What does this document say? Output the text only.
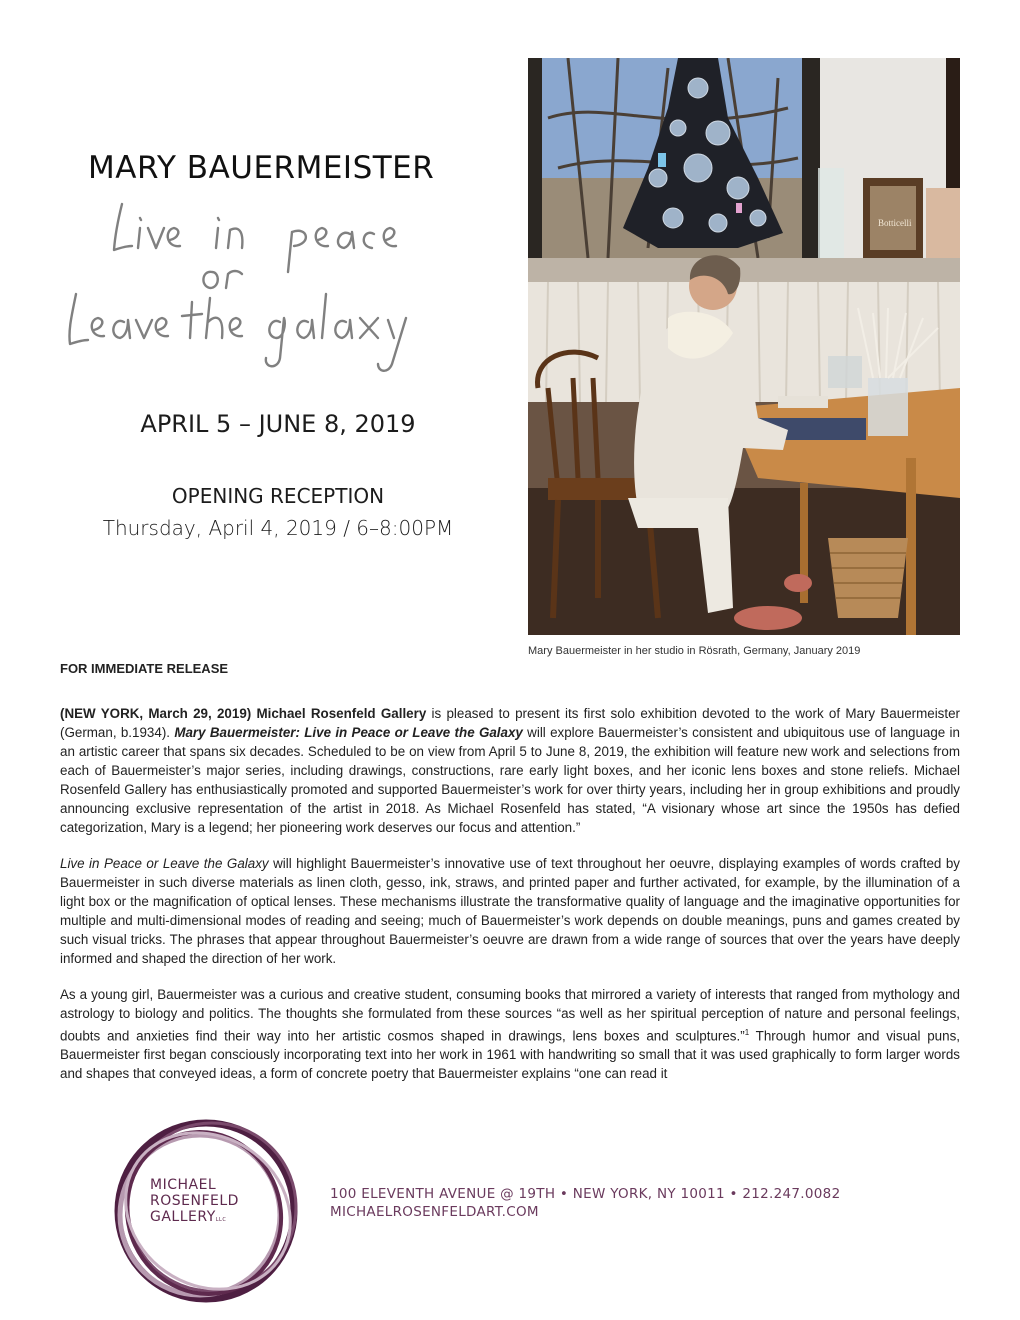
MARY BAUERMEISTER
APRIL 5 – JUNE 8, 2019
OPENING RECEPTION
Thursday, April 4, 2019 / 6–8:00PM
Botticelli
Mary Bauermeister in her studio in Rösrath, Germany, January 2019
FOR IMMEDIATE RELEASE

(NEW YORK, March 29, 2019) Michael Rosenfeld Gallery is pleased to present its first solo exhibition devoted to the work of Mary Bauermeister (German, b.1934). Mary Bauermeister: Live in Peace or Leave the Galaxy will explore Bauermeister’s consistent and ubiquitous use of language in an artistic career that spans six decades. Scheduled to be on view from April 5 to June 8, 2019, the exhibition will feature new work and selections from each of Bauermeister’s major series, including drawings, constructions, rare early light boxes, and her iconic lens boxes and stone reliefs. Michael Rosenfeld Gallery has enthusiastically promoted and supported Bauermeister’s work for over thirty years, including her in group exhibitions and proudly announcing exclusive representation of the artist in 2018. As Michael Rosenfeld has stated, “A visionary whose art since the 1950s has defied categorization, Mary is a legend; her pioneering work deserves our focus and attention.”

Live in Peace or Leave the Galaxy will highlight Bauermeister’s innovative use of text throughout her oeuvre, displaying examples of words crafted by Bauermeister in such diverse materials as linen cloth, gesso, ink, straws, and printed paper and further activated, for example, by the illumination of a light box or the magnification of optical lenses. These mechanisms illustrate the transformative quality of language and the imaginative opportunities for multiple and multi-dimensional modes of reading and seeing; much of Bauermeister’s work depends on double meanings, puns and games created by such visual tricks. The phrases that appear throughout Bauermeister’s oeuvre are drawn from a wide range of sources that over the years have deeply informed and shaped the direction of her work.

As a young girl, Bauermeister was a curious and creative student, consuming books that mirrored a variety of interests that ranged from mythology and astrology to biology and politics. The thoughts she formulated from these sources “as well as her spiritual perception of nature and personal feelings, doubts and anxieties find their way into her artistic cosmos shaped in drawings, lens boxes and sculptures.”$^1$ Through humor and visual puns, Bauermeister first began consciously incorporating text into her work in 1961 with handwriting so small that it was used graphically to form larger words and shapes that conveyed ideas, a form of concrete poetry that Bauermeister explains “one can read it

MICHAEL
ROSENFELD
GALLERYLLC
100 ELEVENTH AVENUE @ 19TH • NEW YORK, NY 10011 • 212.247.0082
MICHAELROSENFELDART.COM
